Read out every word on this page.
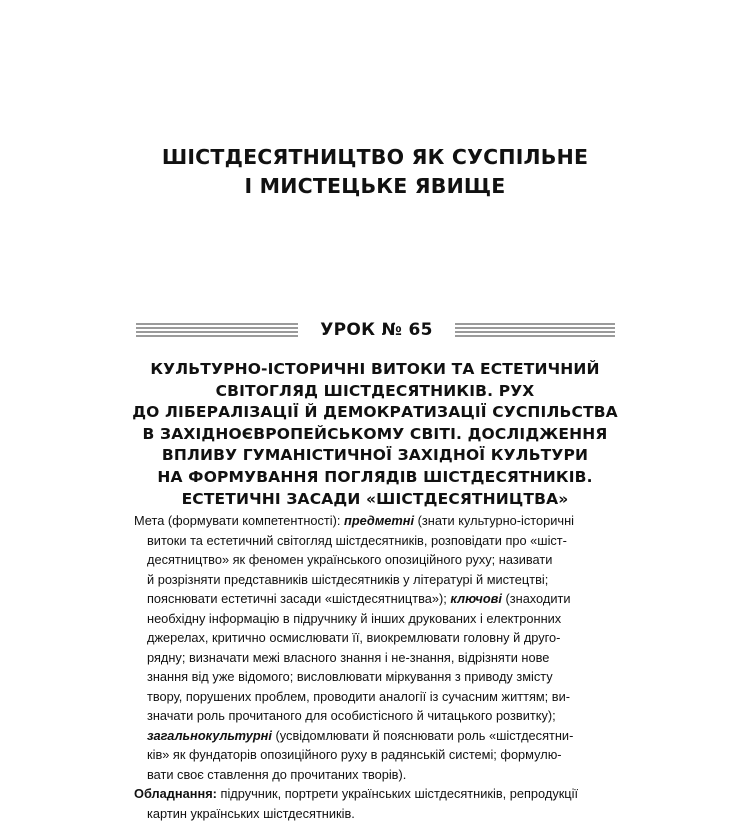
ШІСТДЕСЯТНИЦТВО ЯК СУСПІЛЬНЕ
І МИСТЕЦЬКЕ ЯВИЩЕ
УРОК № 65
КУЛЬТУРНО-ІСТОРИЧНІ ВИТОКИ ТА ЕСТЕТИЧНИЙ
СВІТОГЛЯД ШІСТДЕСЯТНИКІВ. РУХ
ДО ЛІБЕРАЛІЗАЦІЇ Й ДЕМОКРАТИЗАЦІЇ СУСПІЛЬСТВА
В ЗАХІДНОЄВРОПЕЙСЬКОМУ СВІТІ. ДОСЛІДЖЕННЯ
ВПЛИВУ ГУМАНІСТИЧНОЇ ЗАХІДНОЇ КУЛЬТУРИ
НА ФОРМУВАННЯ ПОГЛЯДІВ ШІСТДЕСЯТНИКІВ.
ЕСТЕТИЧНІ ЗАСАДИ «ШІСТДЕСЯТНИЦТВА»
Мета (формувати компетентності): предметні (знати культурно-історичні
витоки та естетичний світогляд шістдесятників, розповідати про «шіст-
десятництво» як феномен українського опозиційного руху; називати
й розрізняти представників шістдесятників у літературі й мистецтві;
пояснювати естетичні засади «шістдесятництва»); ключові (знаходити
необхідну інформацію в підручнику й інших друкованих і електронних
джерелах, критично осмислювати її, виокремлювати головну й друго-
рядну; визначати межі власного знання і не-знання, відрізняти нове
знання від уже відомого; висловлювати міркування з приводу змісту
твору, порушених проблем, проводити аналогії із сучасним життям; ви-
значати роль прочитаного для особистісного й читацького розвитку);
загальнокультурні (усвідомлювати й пояснювати роль «шістдесятни-
ків» як фундаторів опозиційного руху в радянській системі; формулю-
вати своє ставлення до прочитаних творів).
Обладнання: підручник, портрети українських шістдесятників, репродукції
картин українських шістдесятників.
